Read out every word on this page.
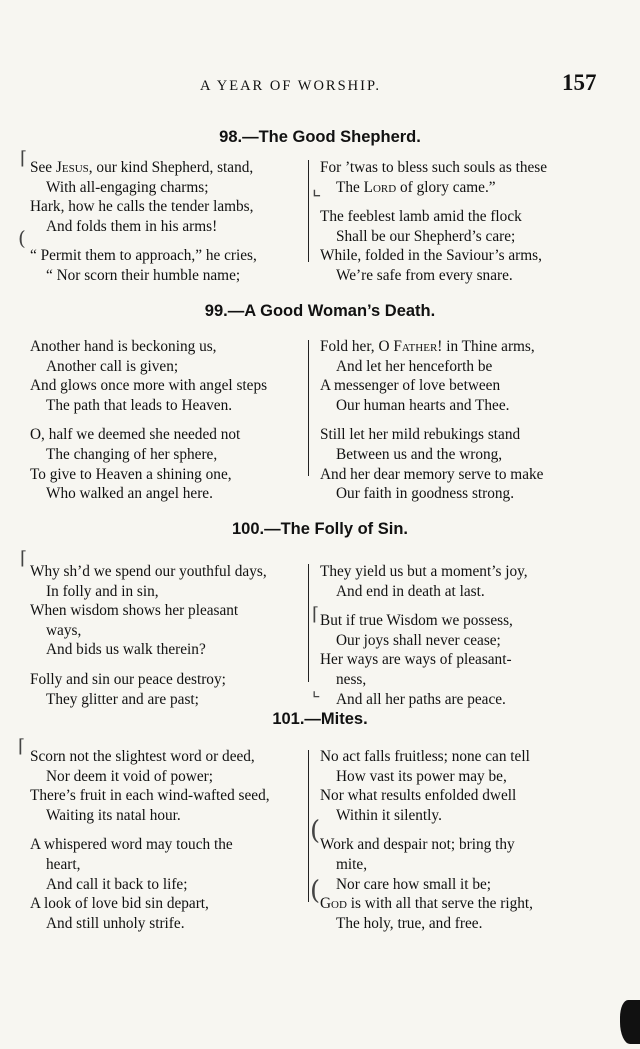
A YEAR OF WORSHIP.	157
98.—The Good Shepherd.
See Jesus, our kind Shepherd, stand,
With all-engaging charms;
Hark, how he calls the tender lambs,
And folds them in his arms!
“ Permit them to approach,” he cries,
“ Nor scorn their humble name;
For ’twas to bless such souls as these
The Lord of glory came.”
The feeblest lamb amid the flock
Shall be our Shepherd’s care;
While, folded in the Saviour’s arms,
We’re safe from every snare.
99.—A Good Woman’s Death.
Another hand is beckoning us,
Another call is given;
And glows once more with angel steps
The path that leads to Heaven.
O, half we deemed she needed not
The changing of her sphere,
To give to Heaven a shining one,
Who walked an angel here.
Fold her, O Father! in Thine arms,
And let her henceforth be
A messenger of love between
Our human hearts and Thee.
Still let her mild rebukings stand
Between us and the wrong,
And her dear memory serve to make
Our faith in goodness strong.
100.—The Folly of Sin.
Why sh’d we spend our youthful days,
In folly and in sin,
When wisdom shows her pleasant
ways,
And bids us walk therein?
Folly and sin our peace destroy;
They glitter and are past;
They yield us but a moment’s joy,
And end in death at last.
But if true Wisdom we possess,
Our joys shall never cease;
Her ways are ways of pleasant-
ness,
And all her paths are peace.
101.—Mites.
Scorn not the slightest word or deed,
Nor deem it void of power;
There’s fruit in each wind-wafted seed,
Waiting its natal hour.
A whispered word may touch the
heart,
And call it back to life;
A look of love bid sin depart,
And still unholy strife.
No act falls fruitless; none can tell
How vast its power may be,
Nor what results enfolded dwell
Within it silently.
Work and despair not; bring thy
mite,
Nor care how small it be;
God is with all that serve the right,
The holy, true, and free.
⌈
(
⌞
⌈
⌞
⌈
⌈
(
(
